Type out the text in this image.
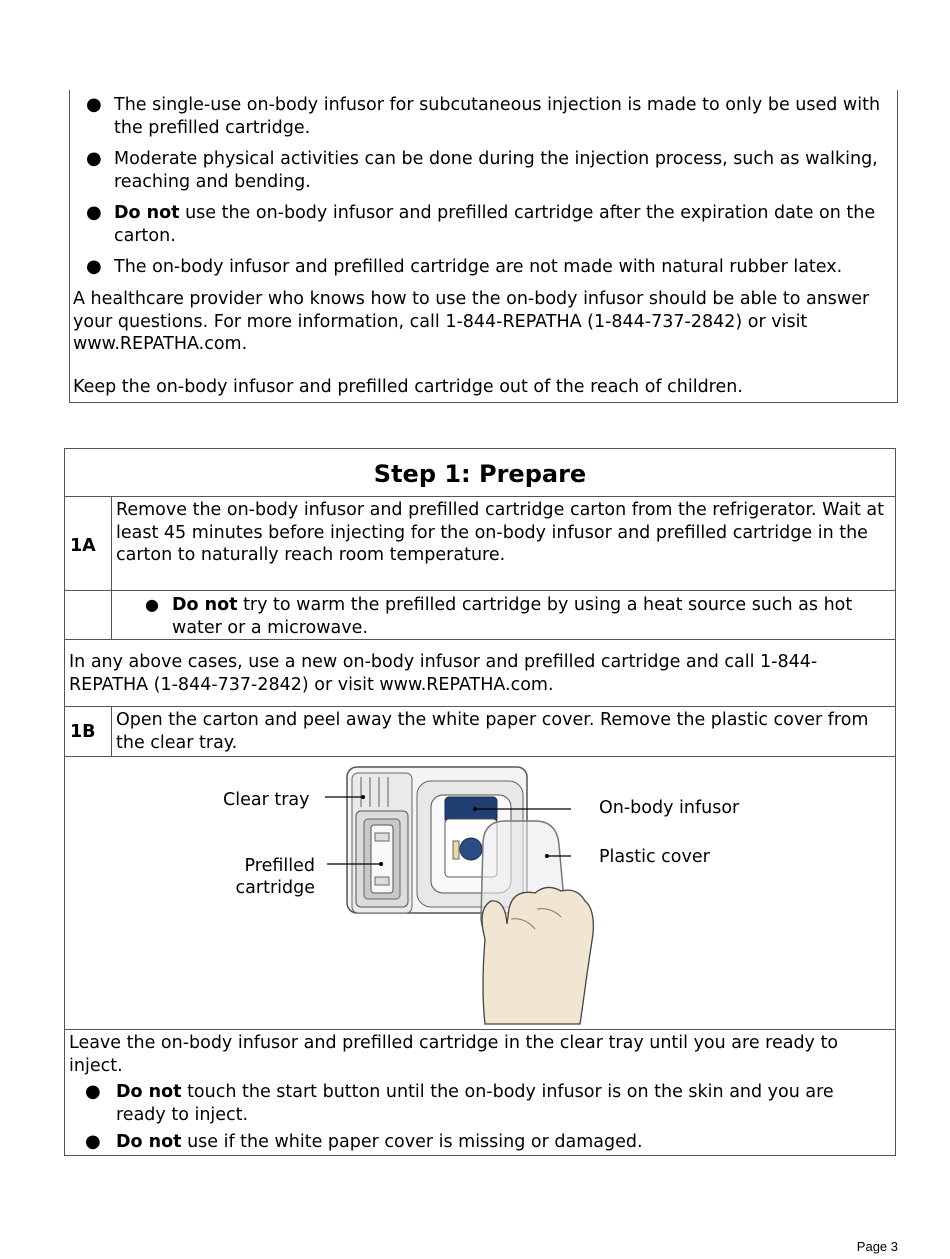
● The single-use on-body infusor for subcutaneous injection is made to only be used with the prefilled cartridge.
● Moderate physical activities can be done during the injection process, such as walking, reaching and bending.
● Do not use the on-body infusor and prefilled cartridge after the expiration date on the carton.
● The on-body infusor and prefilled cartridge are not made with natural rubber latex.
A healthcare provider who knows how to use the on-body infusor should be able to answer your questions. For more information, call 1-844-REPATHA (1-844-737-2842) or visit www.REPATHA.com.
Keep the on-body infusor and prefilled cartridge out of the reach of children.
Step 1: Prepare
1A
Remove the on-body infusor and prefilled cartridge carton from the refrigerator. Wait at least 45 minutes before injecting for the on-body infusor and prefilled cartridge in the carton to naturally reach room temperature.
● Do not try to warm the prefilled cartridge by using a heat source such as hot water or a microwave.
In any above cases, use a new on-body infusor and prefilled cartridge and call 1-844-REPATHA (1-844-737-2842) or visit www.REPATHA.com.
1B
Open the carton and peel away the white paper cover. Remove the plastic cover from the clear tray.
Clear tray
Prefilled
cartridge
On-body infusor
Plastic cover
Leave the on-body infusor and prefilled cartridge in the clear tray until you are ready to inject.
● Do not touch the start button until the on-body infusor is on the skin and you are ready to inject.
● Do not use if the white paper cover is missing or damaged.
Page 3
